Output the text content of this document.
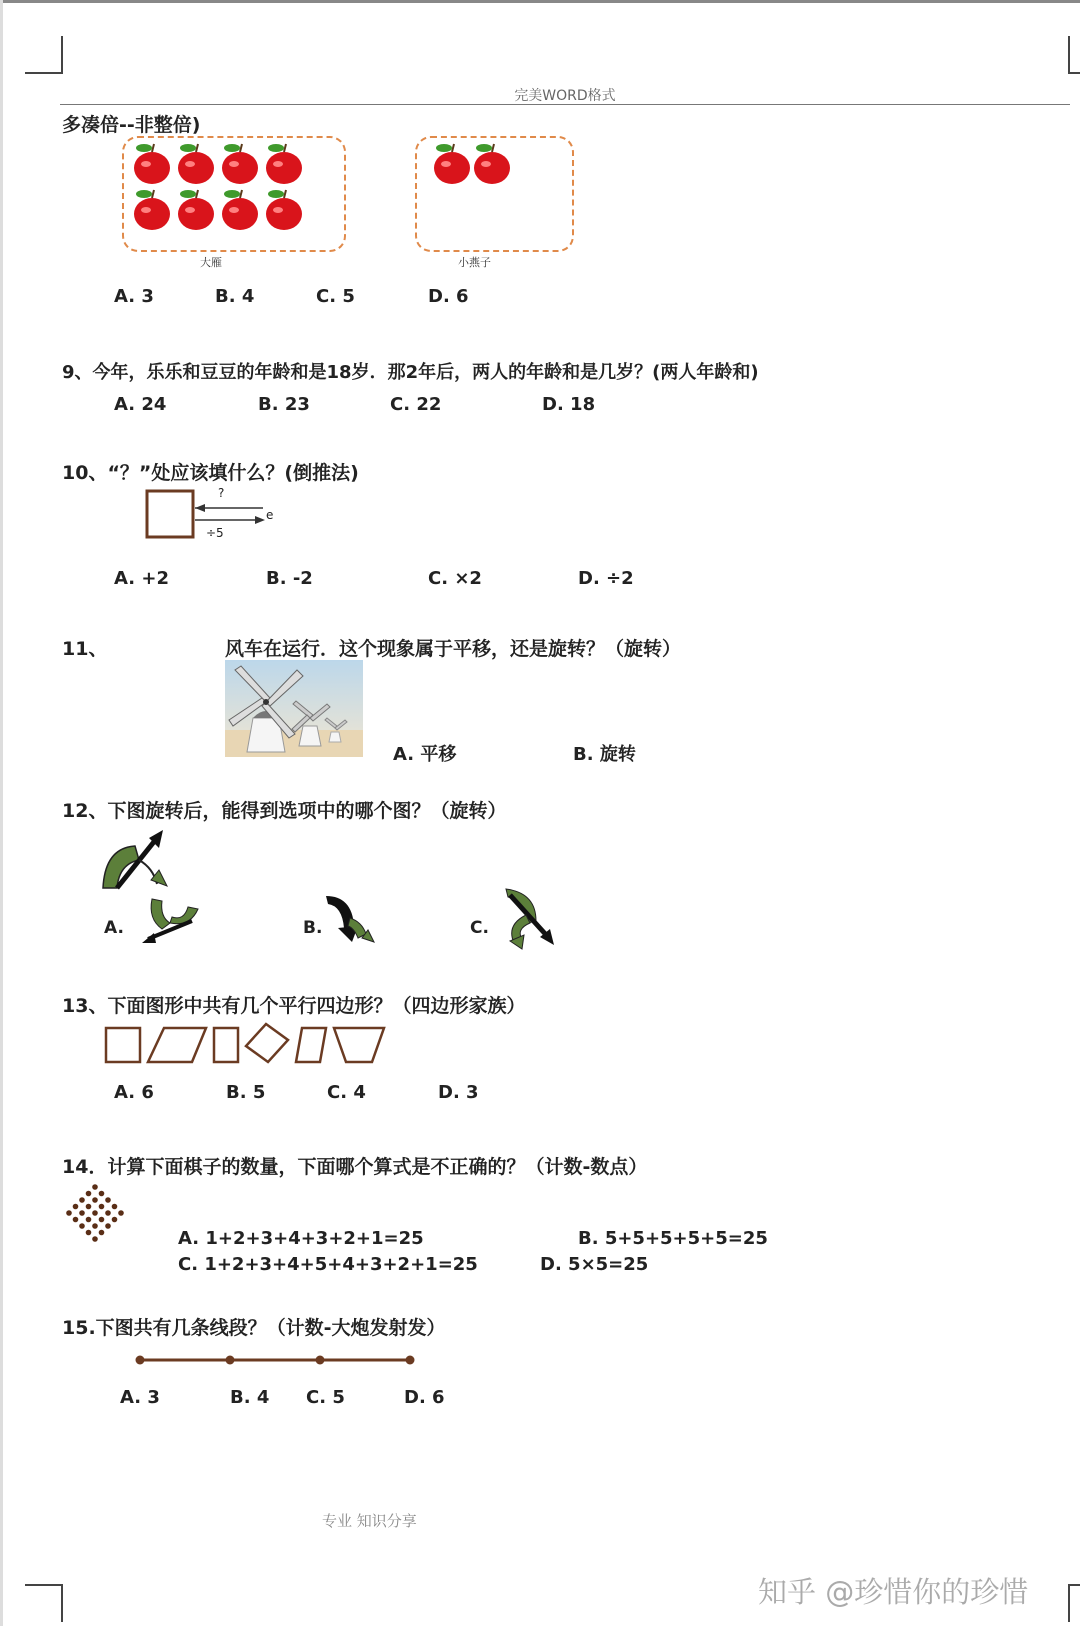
完美WORD格式
多凑倍--非整倍)
大雁	小燕子
A. 3	B. 4	C. 5	D. 6
9、今年，乐乐和豆豆的年龄和是18岁．那2年后，两人的年龄和是几岁？(两人年龄和)
A. 24	B. 23	C. 22	D. 18
10、“？”处应该填什么？(倒推法)
?
÷5
e
A. +2	B. -2	C. ×2	D. ÷2
11、	风车在运行．这个现象属于平移，还是旋转？（旋转）
A. 平移	B. 旋转
12、下图旋转后，能得到选项中的哪个图？（旋转）
A.	B.	C.
13、下面图形中共有几个平行四边形？（四边形家族）
A. 6	B. 5	C. 4	D. 3
14．计算下面棋子的数量，下面哪个算式是不正确的？（计数-数点）
A. 1+2+3+4+3+2+1=25	B. 5+5+5+5+5=25
C. 1+2+3+4+5+4+3+2+1=25	D. 5×5=25
15.下图共有几条线段？（计数-大炮发射发）
A. 3	B. 4 C. 5	D. 6
专业 知识分享
知乎 @珍惜你的珍惜
